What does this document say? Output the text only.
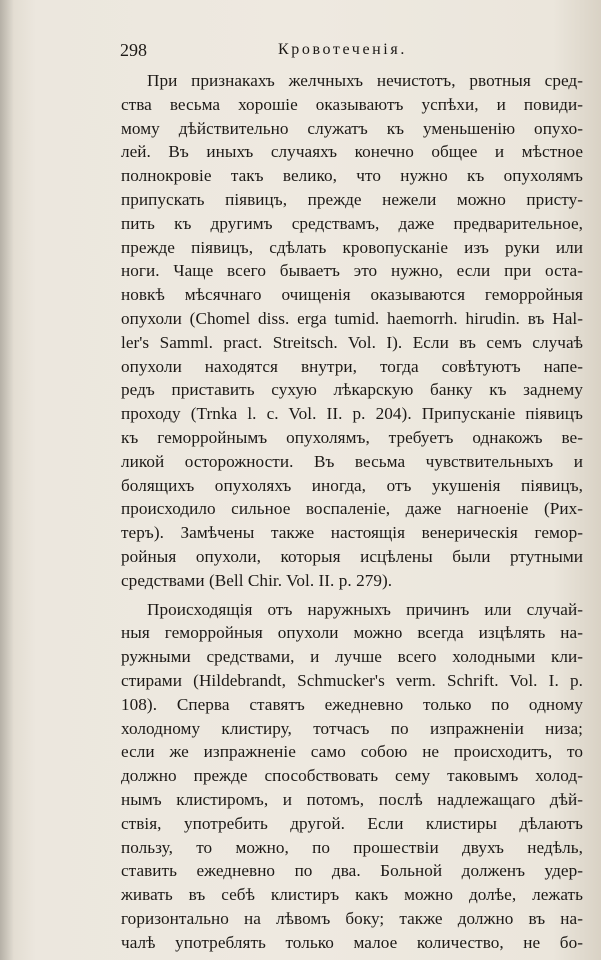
298	Кровотеченія.
При признакахъ желчныхъ нечистотъ, рвотныя сред-
ства весьма хорошіе оказываютъ успѣхи, и повиди-
мому дѣйствительно служатъ къ уменьшенію опухо-
лей. Въ иныхъ случаяхъ конечно общее и мѣстное
полнокровіе такъ велико, что нужно къ опухолямъ
припускать піявицъ, прежде нежели можно присту-
пить къ другимъ средствамъ, даже предварительное,
прежде піявицъ, сдѣлать кровопусканіе изъ руки или
ноги. Чаще всего бываетъ это нужно, если при оста-
новкѣ мѣсячнаго очищенія оказываются геморройныя
опухоли (Chomel diss. erga tumid. haemorrh. hirudin. въ Hal-
ler's Samml. pract. Streitsch. Vol. I). Если въ семъ случаѣ
опухоли находятся внутри, тогда совѣтуютъ напе-
редъ приставить сухую лѣкарскую банку къ заднему
проходу (Trnka l. c. Vol. II. p. 204). Припусканіе піявицъ
къ геморройнымъ опухолямъ, требуетъ однакожъ ве-
ликой осторожности. Въ весьма чувствительныхъ и
болящихъ опухоляхъ иногда, отъ укушенія піявицъ,
происходило сильное воспаленіе, даже нагноеніе (Рих-
теръ). Замѣчены также настоящія венерическія гемор-
ройныя опухоли, которыя исцѣлены были ртутными
средствами (Bell Chir. Vol. II. p. 279).
Происходящія отъ наружныхъ причинъ или случай-
ныя геморройныя опухоли можно всегда изцѣлять на-
ружными средствами, и лучше всего холодными кли-
стирами (Hildebrandt, Schmucker's verm. Schrift. Vol. I. p.
108). Сперва ставятъ ежедневно только по одному
холодному клистиру, тотчасъ по изпражненіи низа;
если же изпражненіе само собою не происходитъ, то
должно прежде способствовать сему таковымъ холод-
нымъ клистиромъ, и потомъ, послѣ надлежащаго дѣй-
ствія, употребить другой. Если клистиры дѣлаютъ
пользу, то можно, по прошествіи двухъ недѣль,
ставить ежедневно по два. Больной долженъ удер-
живать въ себѣ клистиръ какъ можно долѣе, лежать
горизонтально на лѣвомъ боку; также должно въ на-
чалѣ употреблять только малое количество, не бо-
